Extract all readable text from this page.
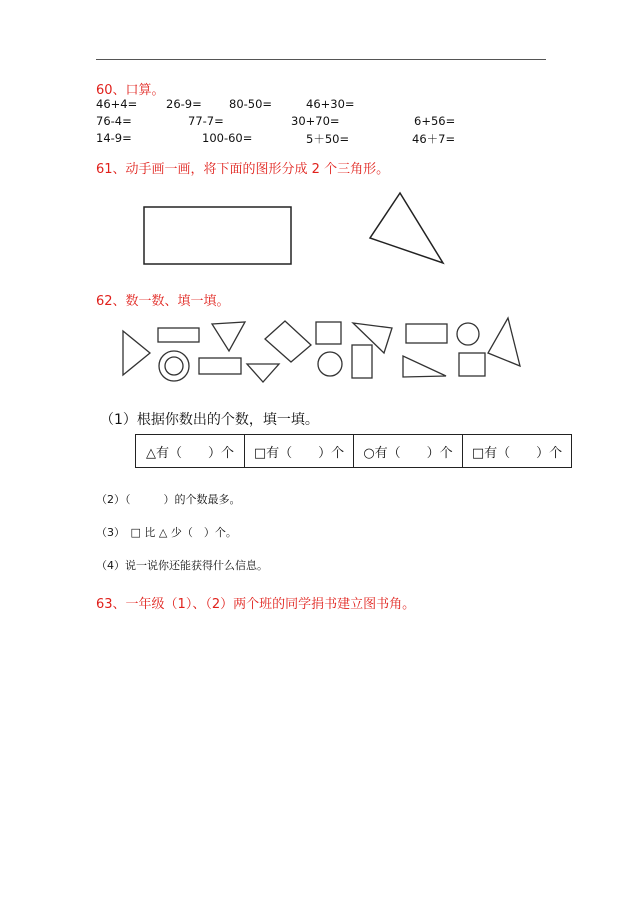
60、口算。
46+4=	26-9= 80-50=	46+30=
76-4=	77-7=	30+70=	6+56=
14-9=	100-60=	5＋50=	46＋7=
61、动手画一画，将下面的图形分成 2 个三角形。
62、数一数、填一填。
（1）根据你数出的个数，填一填。
△有（　　）个	□有（　　）个	○有（　　）个	□有（　　）个
（2）（　　　）的个数最多。
（3）　□ 比 △ 少（　）个。
（4）说一说你还能获得什么信息。
63、一年级（1）、（2）两个班的同学捐书建立图书角。
